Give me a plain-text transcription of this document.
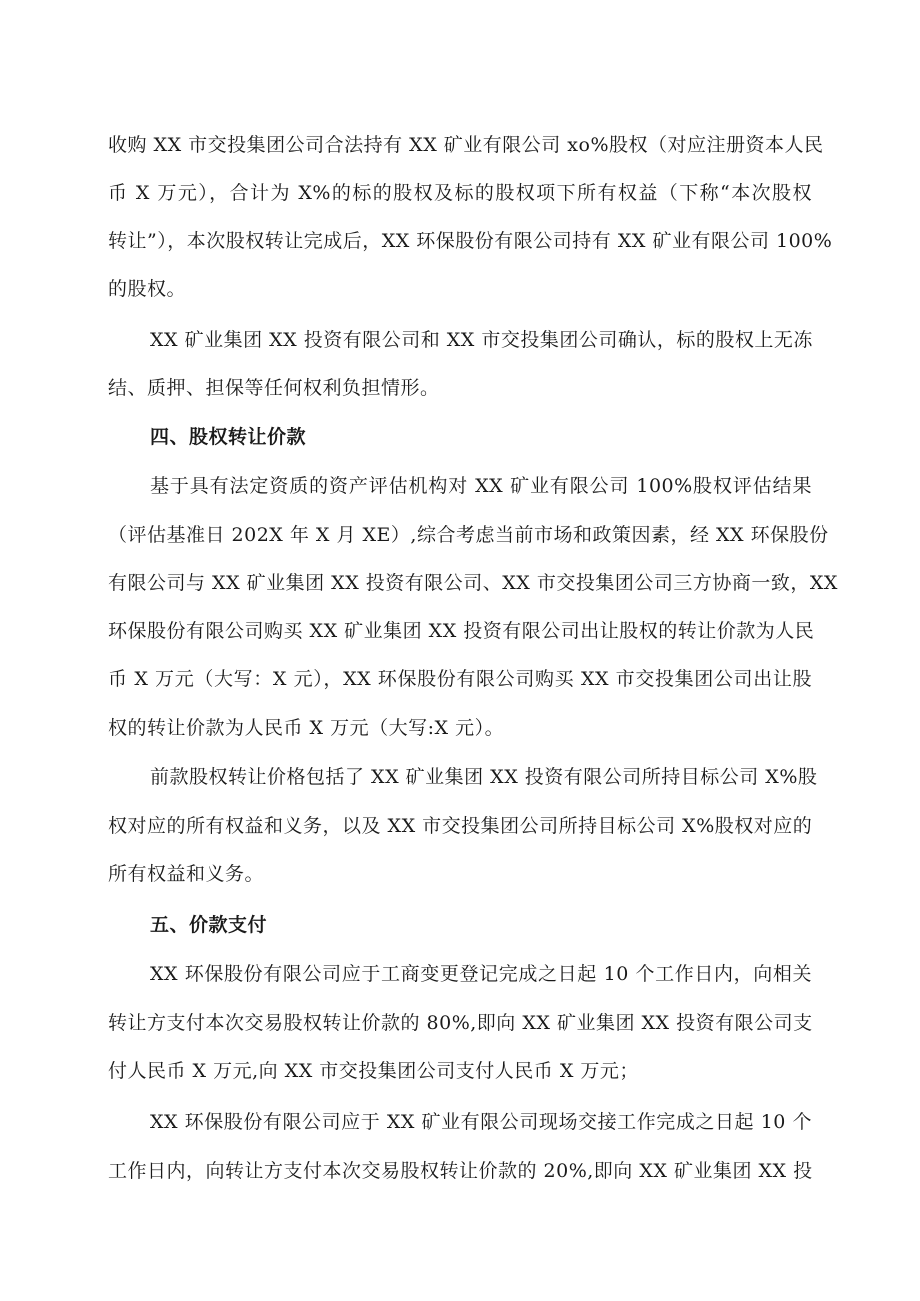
收购 XX 市交投集团公司合法持有 XX 矿业有限公司 xo%股权（对应注册资本人民

币 X 万元），合计为 X%的标的股权及标的股权项下所有权益（下称“本次股权

转让”），本次股权转让完成后，XX 环保股份有限公司持有 XX 矿业有限公司 100%

的股权。

XX 矿业集团 XX 投资有限公司和 XX 市交投集团公司确认，标的股权上无冻

结、质押、担保等任何权利负担情形。

四、股权转让价款

基于具有法定资质的资产评估机构对 XX 矿业有限公司 100%股权评估结果

（评估基准日 202X 年 X 月 XE）,综合考虑当前市场和政策因素，经 XX 环保股份

有限公司与 XX 矿业集团 XX 投资有限公司、XX 市交投集团公司三方协商一致，XX

环保股份有限公司购买 XX 矿业集团 XX 投资有限公司出让股权的转让价款为人民

币 X 万元（大写：X 元），XX 环保股份有限公司购买 XX 市交投集团公司出让股

权的转让价款为人民币 X 万元（大写:X 元）。

前款股权转让价格包括了 XX 矿业集团 XX 投资有限公司所持目标公司 X%股

权对应的所有权益和义务，以及 XX 市交投集团公司所持目标公司 X%股权对应的

所有权益和义务。

五、价款支付

XX 环保股份有限公司应于工商变更登记完成之日起 10 个工作日内，向相关

转让方支付本次交易股权转让价款的 80%,即向 XX 矿业集团 XX 投资有限公司支

付人民币 X 万元,向 XX 市交投集团公司支付人民币 X 万元；

XX 环保股份有限公司应于 XX 矿业有限公司现场交接工作完成之日起 10 个

工作日内，向转让方支付本次交易股权转让价款的 20%,即向 XX 矿业集团 XX 投
